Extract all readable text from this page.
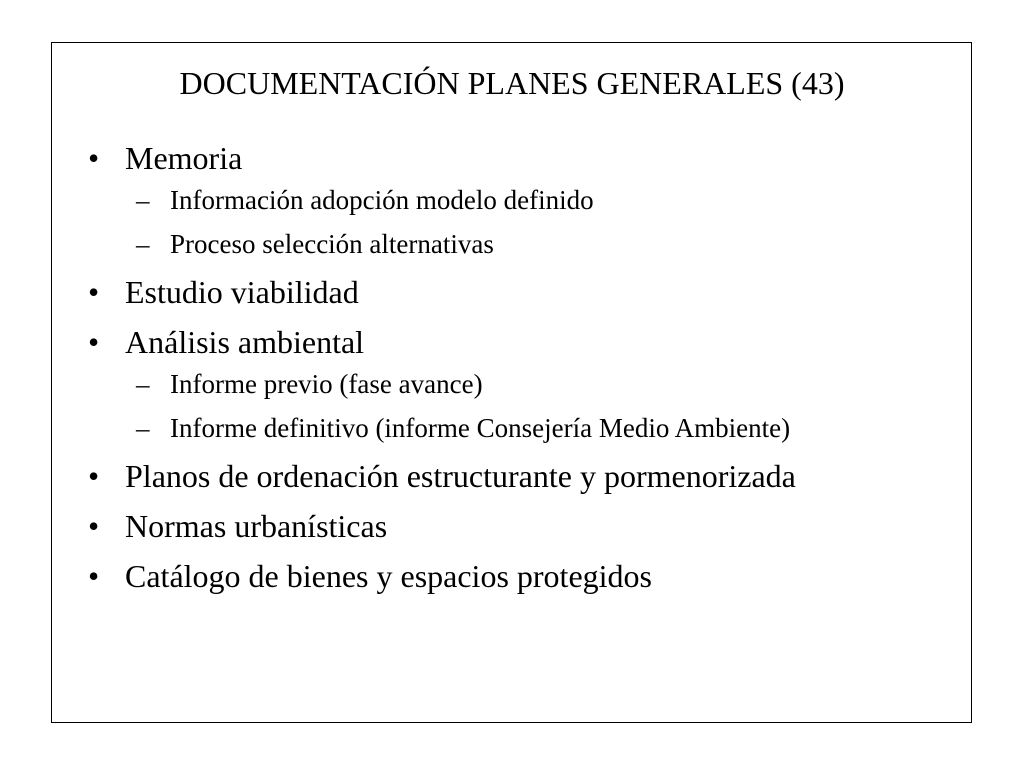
DOCUMENTACIÓN PLANES GENERALES (43)
• Memoria
– Información adopción modelo definido
– Proceso selección alternativas
• Estudio viabilidad
• Análisis ambiental
– Informe previo (fase avance)
– Informe definitivo (informe Consejería Medio Ambiente)
• Planos de ordenación estructurante y pormenorizada
• Normas urbanísticas
• Catálogo de bienes y espacios protegidos
